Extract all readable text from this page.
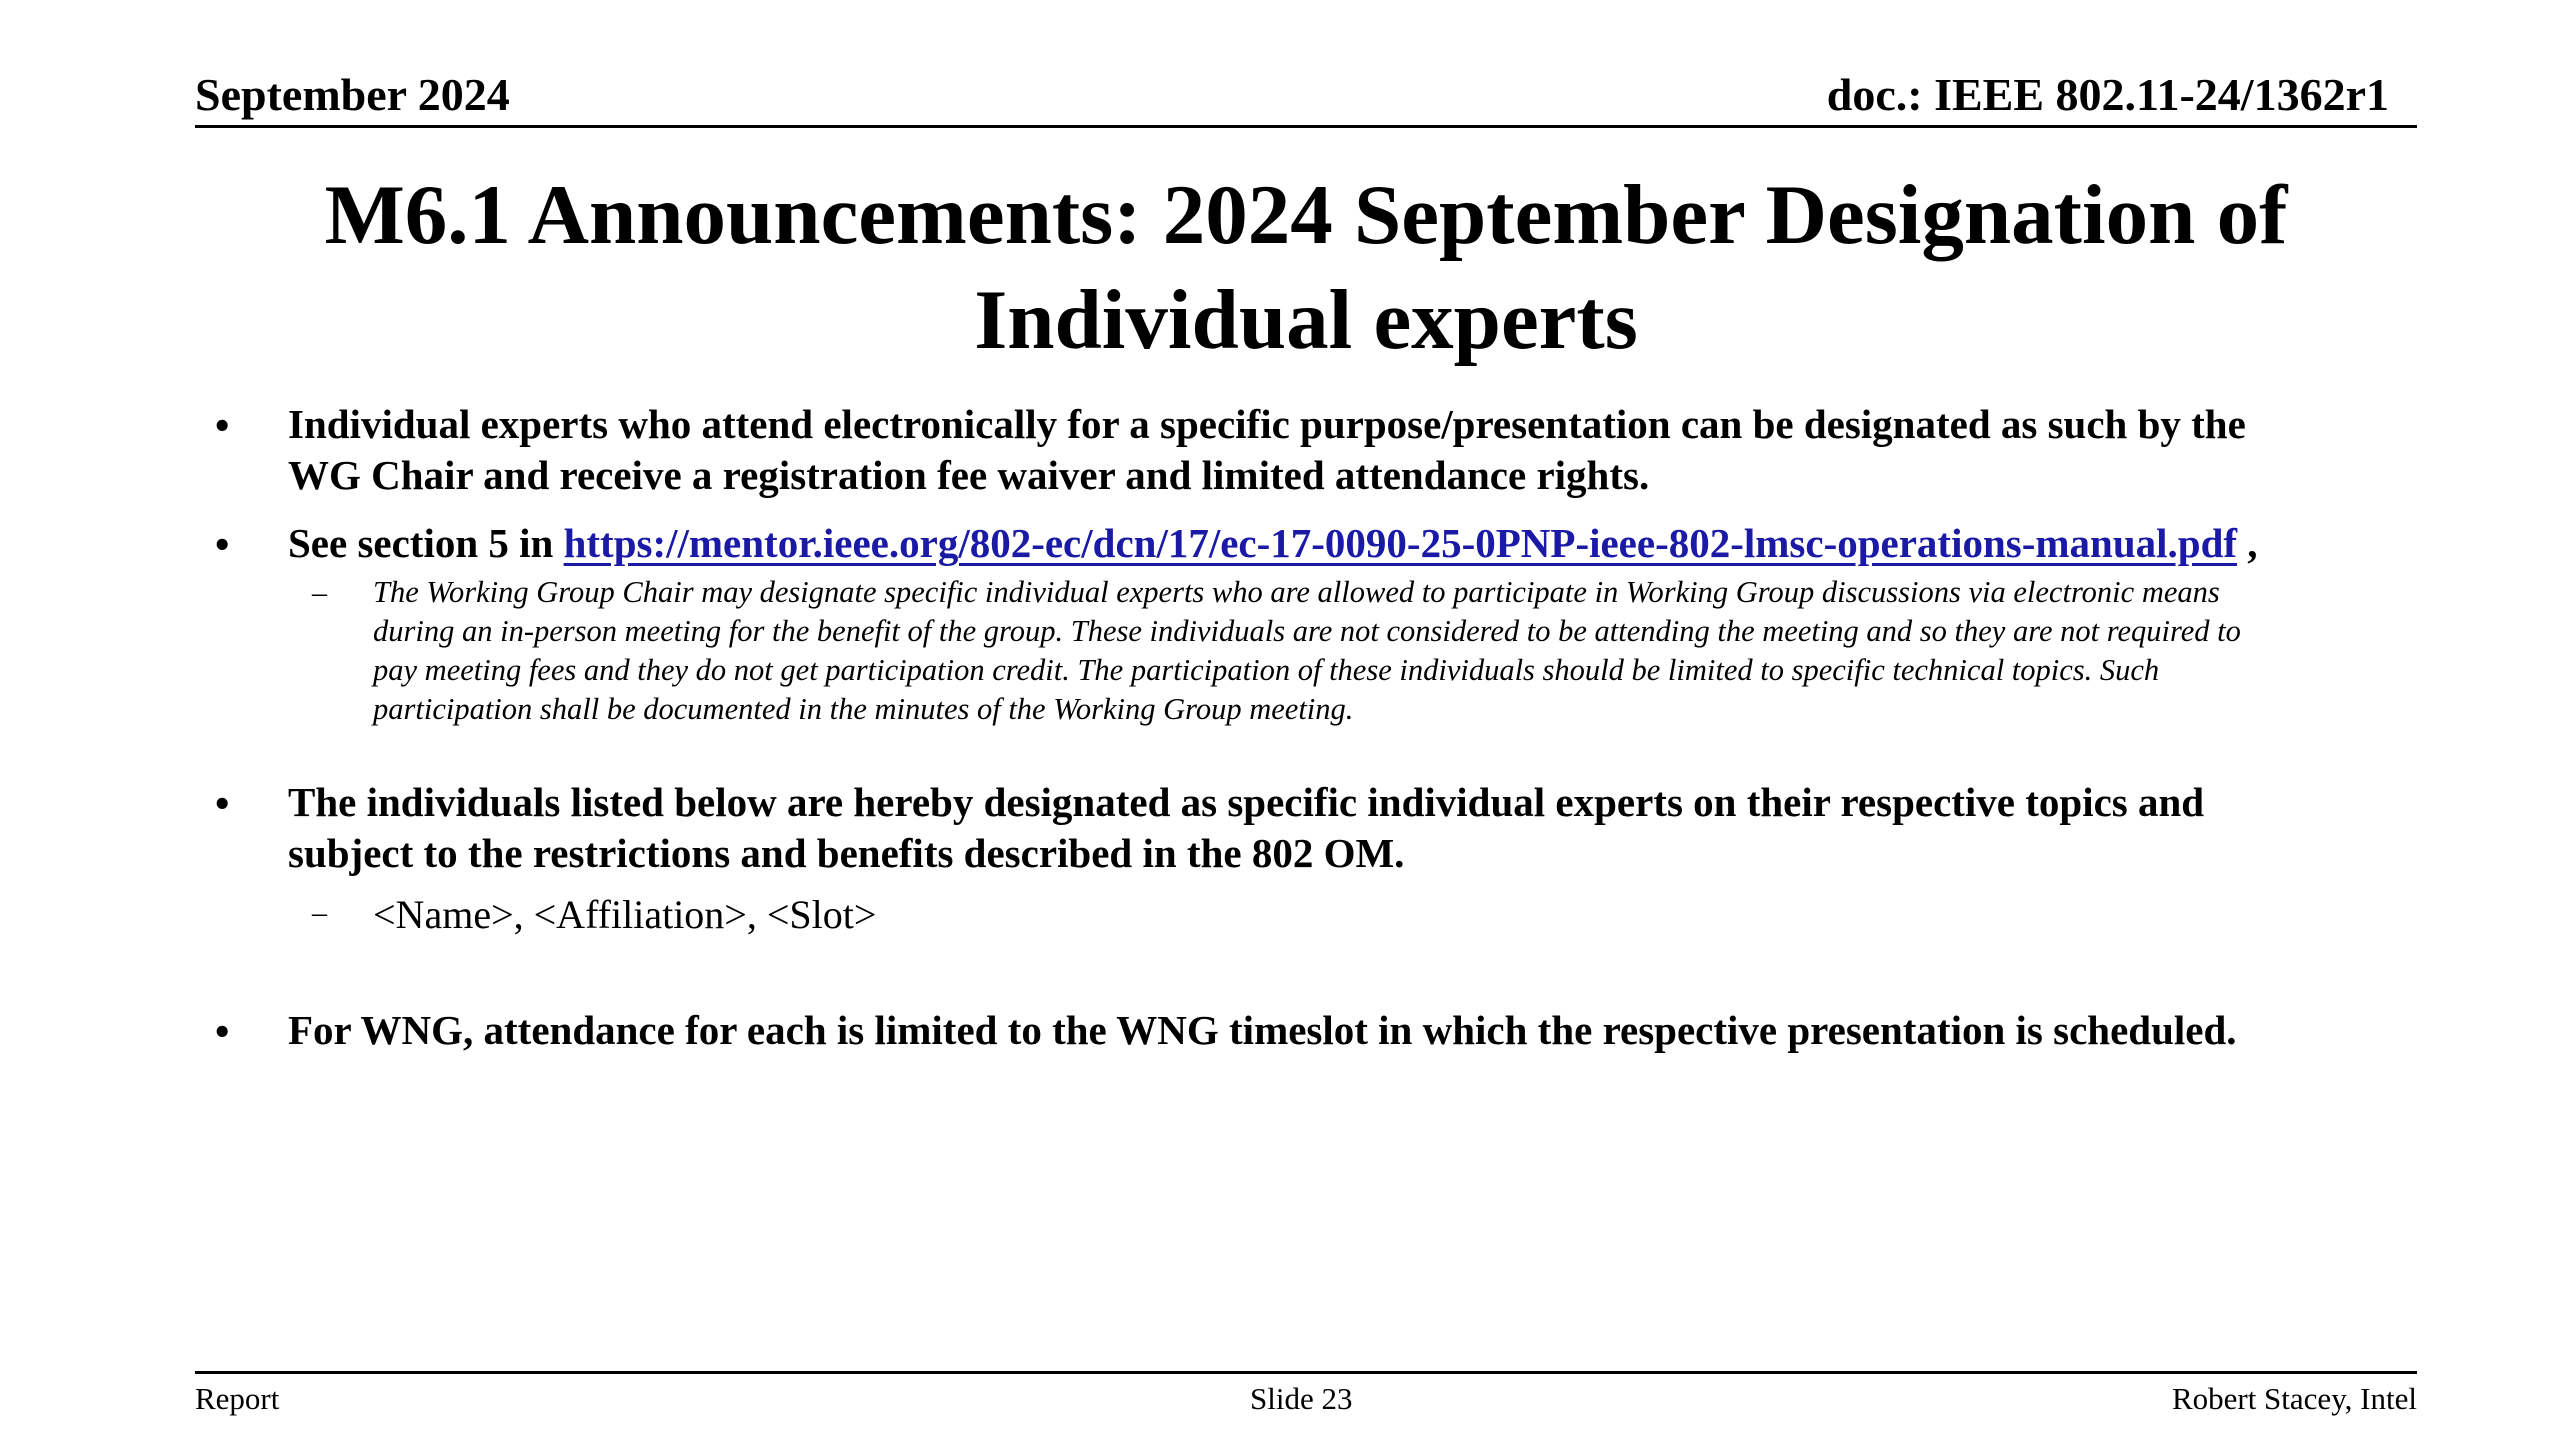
September 2024	doc.: IEEE 802.11-24/1362r1
M6.1 Announcements: 2024 September Designation of
Individual experts
• Individual experts who attend electronically for a specific purpose/presentation can be designated as such by the
WG Chair and receive a registration fee waiver and limited attendance rights.
• See section 5 in https://mentor.ieee.org/802-ec/dcn/17/ec-17-0090-25-0PNP-ieee-802-lmsc-operations-manual.pdf ,
– The Working Group Chair may designate specific individual experts who are allowed to participate in Working Group discussions via electronic means
during an in-person meeting for the benefit of the group. These individuals are not considered to be attending the meeting and so they are not required to
pay meeting fees and they do not get participation credit. The participation of these individuals should be limited to specific technical topics. Such
participation shall be documented in the minutes of the Working Group meeting.
• The individuals listed below are hereby designated as specific individual experts on their respective topics and
subject to the restrictions and benefits described in the 802 OM.
– <Name>, <Affiliation>, <Slot>
• For WNG, attendance for each is limited to the WNG timeslot in which the respective presentation is scheduled.
Report	Slide 23	Robert Stacey, Intel
